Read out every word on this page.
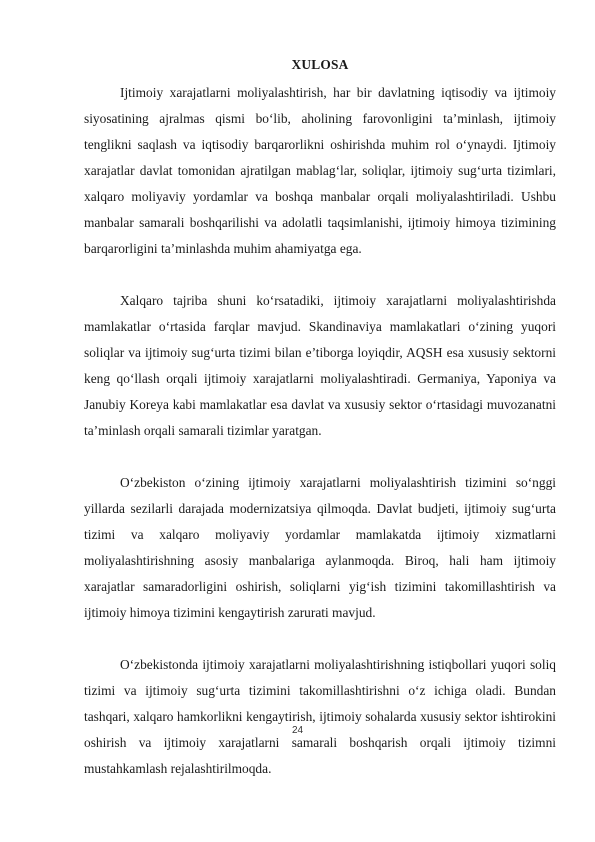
XULOSA

Ijtimoiy xarajatlarni moliyalashtirish, har bir davlatning iqtisodiy va ijtimoiy siyosatining ajralmas qismi bo‘lib, aholining farovonligini ta’minlash, ijtimoiy tenglikni saqlash va iqtisodiy barqarorlikni oshirishda muhim rol o‘ynaydi. Ijtimoiy xarajatlar davlat tomonidan ajratilgan mablag‘lar, soliqlar, ijtimoiy sug‘urta tizimlari, xalqaro moliyaviy yordamlar va boshqa manbalar orqali moliyalashtiriladi. Ushbu manbalar samarali boshqarilishi va adolatli taqsimlanishi, ijtimoiy himoya tizimining barqarorligini ta’minlashda muhim ahamiyatga ega.

Xalqaro tajriba shuni ko‘rsatadiki, ijtimoiy xarajatlarni moliyalashtirishda mamlakatlar o‘rtasida farqlar mavjud. Skandinaviya mamlakatlari o‘zining yuqori soliqlar va ijtimoiy sug‘urta tizimi bilan e’tiborga loyiqdir, AQSH esa xususiy sektorni keng qo‘llash orqali ijtimoiy xarajatlarni moliyalashtiradi. Germaniya, Yaponiya va Janubiy Koreya kabi mamlakatlar esa davlat va xususiy sektor o‘rtasidagi muvozanatni ta’minlash orqali samarali tizimlar yaratgan.

O‘zbekiston o‘zining ijtimoiy xarajatlarni moliyalashtirish tizimini so‘nggi yillarda sezilarli darajada modernizatsiya qilmoqda. Davlat budjeti, ijtimoiy sug‘urta tizimi va xalqaro moliyaviy yordamlar mamlakatda ijtimoiy xizmatlarni moliyalashtirishning asosiy manbalariga aylanmoqda. Biroq, hali ham ijtimoiy xarajatlar samaradorligini oshirish, soliqlarni yig‘ish tizimini takomillashtirish va ijtimoiy himoya tizimini kengaytirish zarurati mavjud.

O‘zbekistonda ijtimoiy xarajatlarni moliyalashtirishning istiqbollari yuqori soliq tizimi va ijtimoiy sug‘urta tizimini takomillashtirishni o‘z ichiga oladi. Bundan tashqari, xalqaro hamkorlikni kengaytirish, ijtimoiy sohalarda xususiy sektor ishtirokini oshirish va ijtimoiy xarajatlarni samarali boshqarish orqali ijtimoiy tizimni mustahkamlash rejalashtirilmoqda.

24
